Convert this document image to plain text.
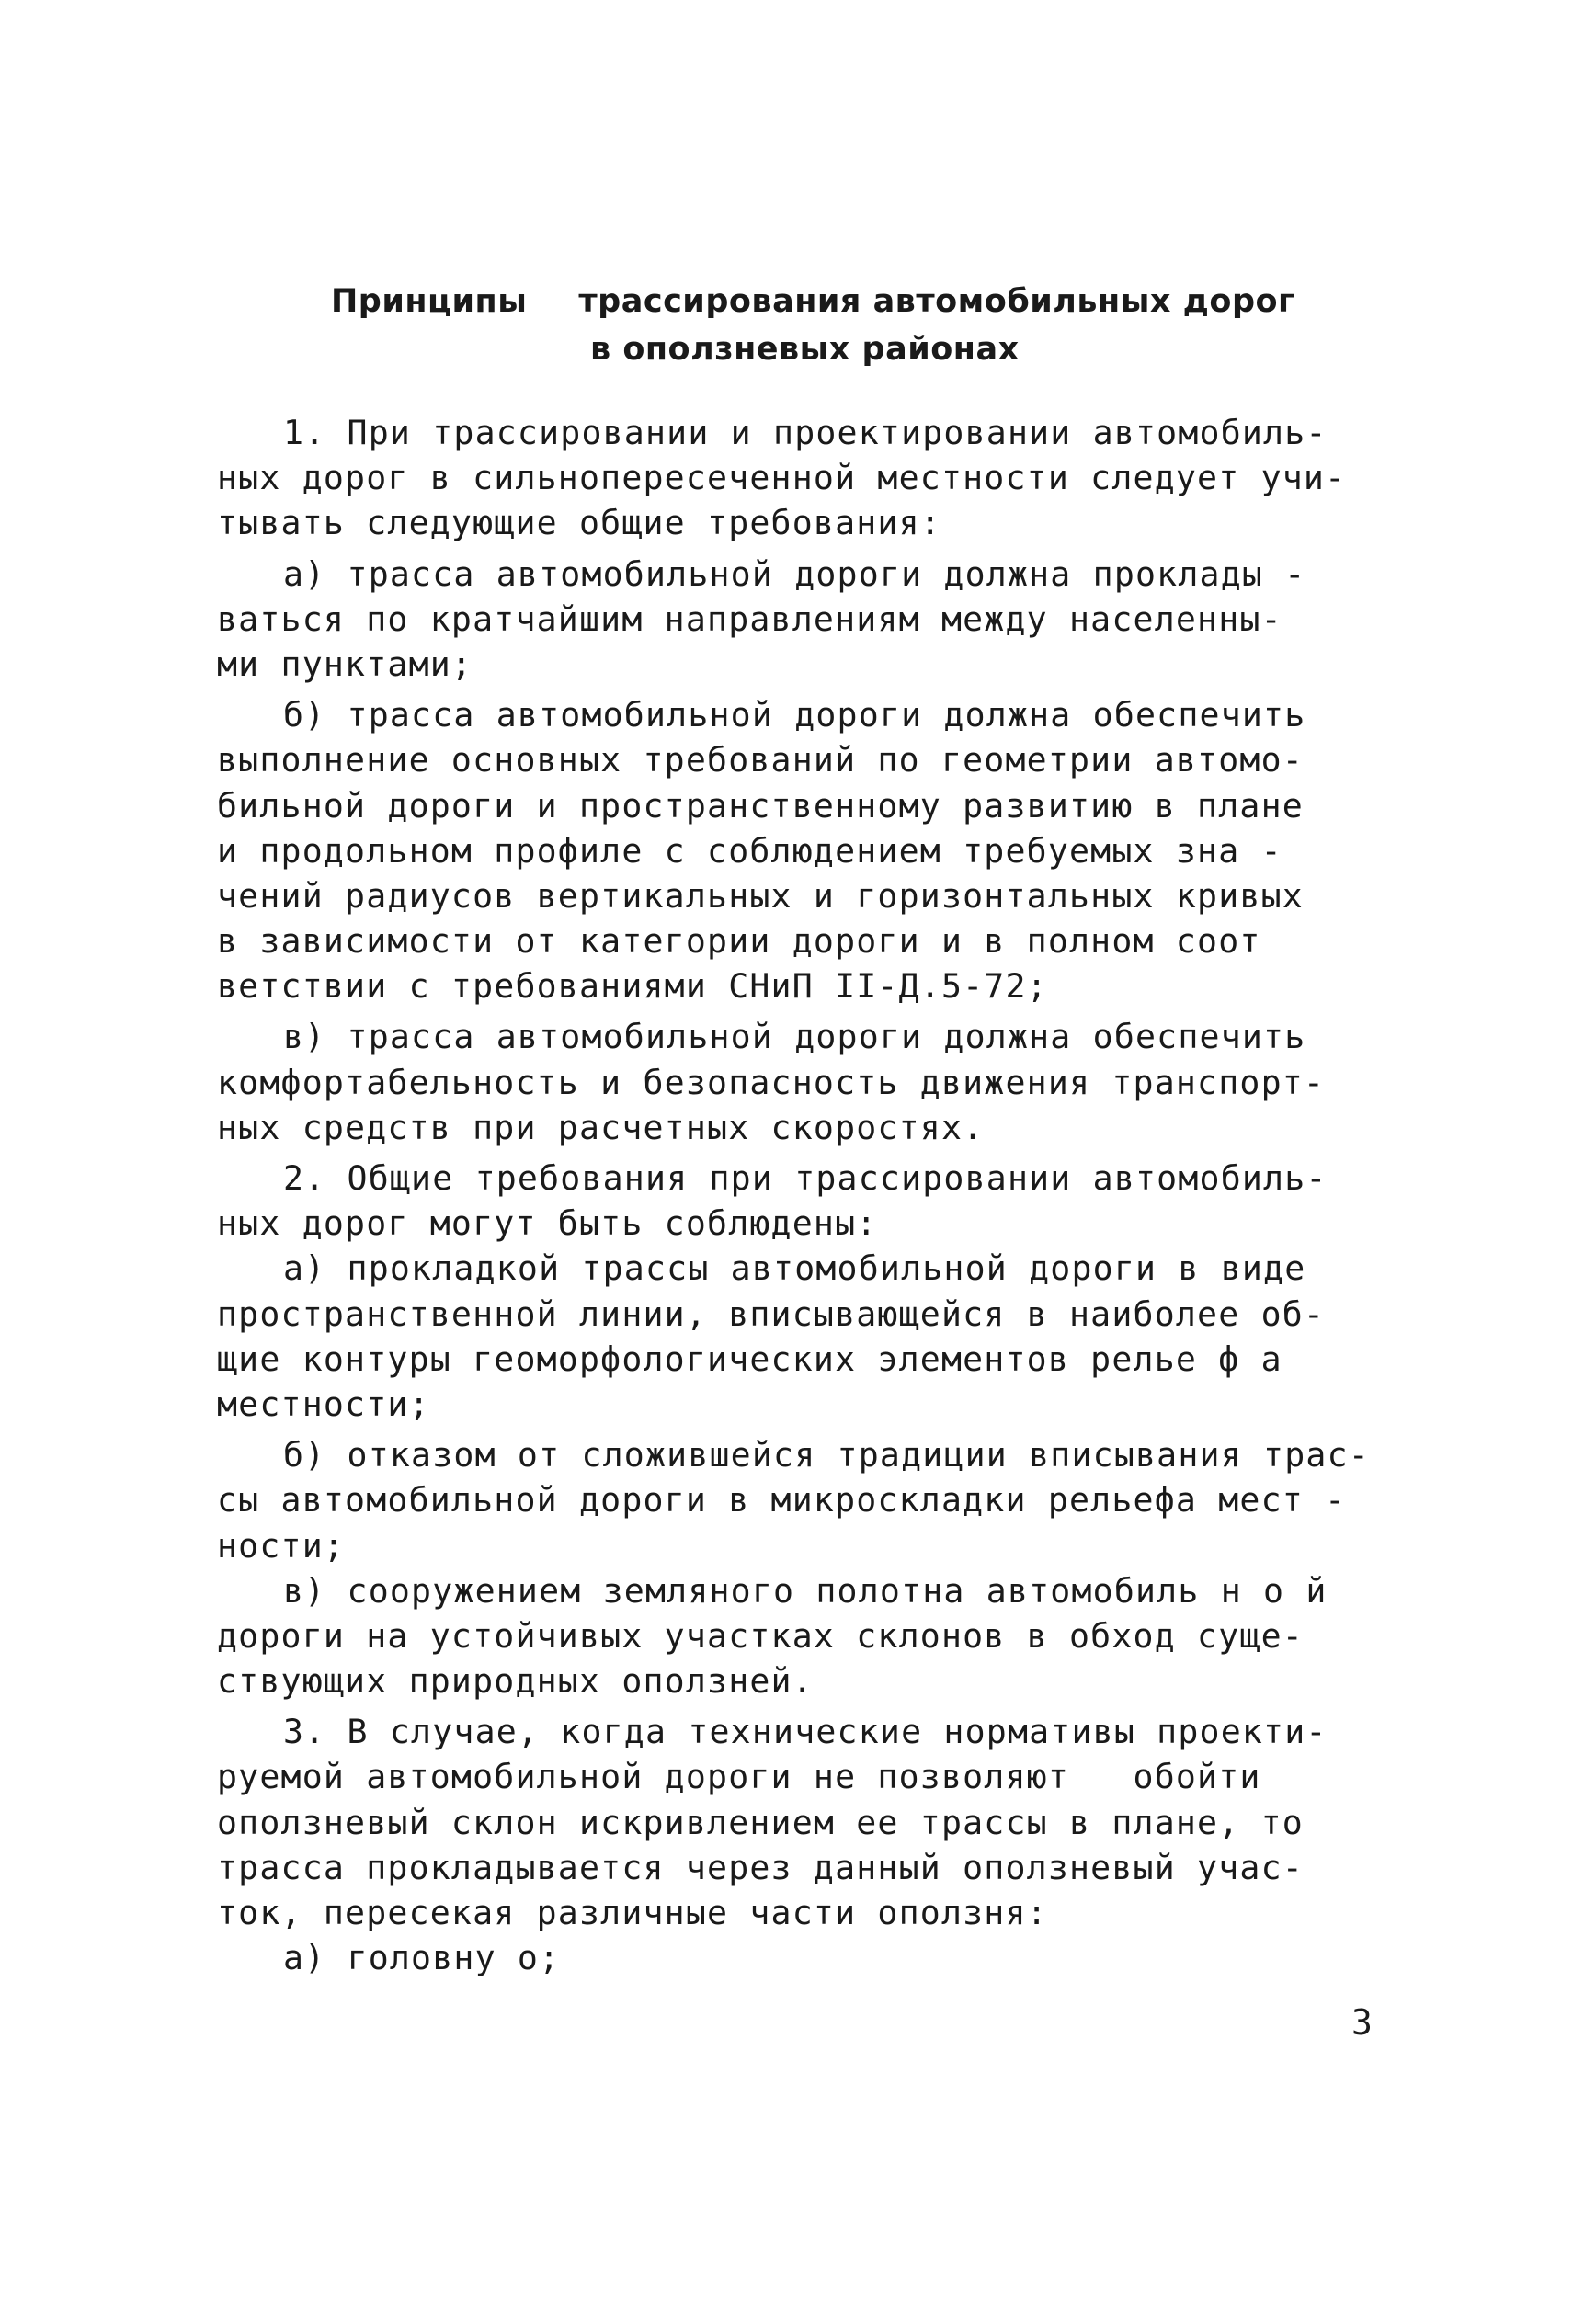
Принципы трассирования автомобильных дорог
в оползневых районах
1. При трассировании и проектировании автомобиль-
ных дорог в сильнопересеченной местности следует учи-
тывать следующие общие требования:
а) трасса автомобильной дороги должна проклады -
ваться по кратчайшим направлениям между населенны-
ми пунктами;
б) трасса автомобильной дороги должна обеспечить
выполнение основных требований по геометрии автомо-
бильной дороги и пространственному развитию в плане
и продольном профиле с соблюдением требуемых зна -
чений радиусов вертикальных и горизонтальных кривых
в зависимости от категории дороги и в полном соот
ветствии с требованиями СНиП II-Д.5-72;
в) трасса автомобильной дороги должна обеспечить
комфортабельность и безопасность движения транспорт-
ных средств при расчетных скоростях.
2. Общие требования при трассировании автомобиль-
ных дорог могут быть соблюдены:
а) прокладкой трассы автомобильной дороги в виде
пространственной линии, вписывающейся в наиболее об-
щие контуры геоморфологических элементов релье ф а
местности;
б) отказом от сложившейся традиции вписывания трас-
сы автомобильной дороги в микроскладки рельефа мест -
ности;
в) сооружением земляного полотна автомобиль н о й
дороги на устойчивых участках склонов в обход суще-
ствующих природных оползней.
3. В случае, когда технические нормативы проекти-
руемой автомобильной дороги не позволяют   обойти
оползневый склон искривлением ее трассы в плане, то
трасса прокладывается через данный оползневый учас-
ток, пересекая различные части оползня:
а) головну о;
3
